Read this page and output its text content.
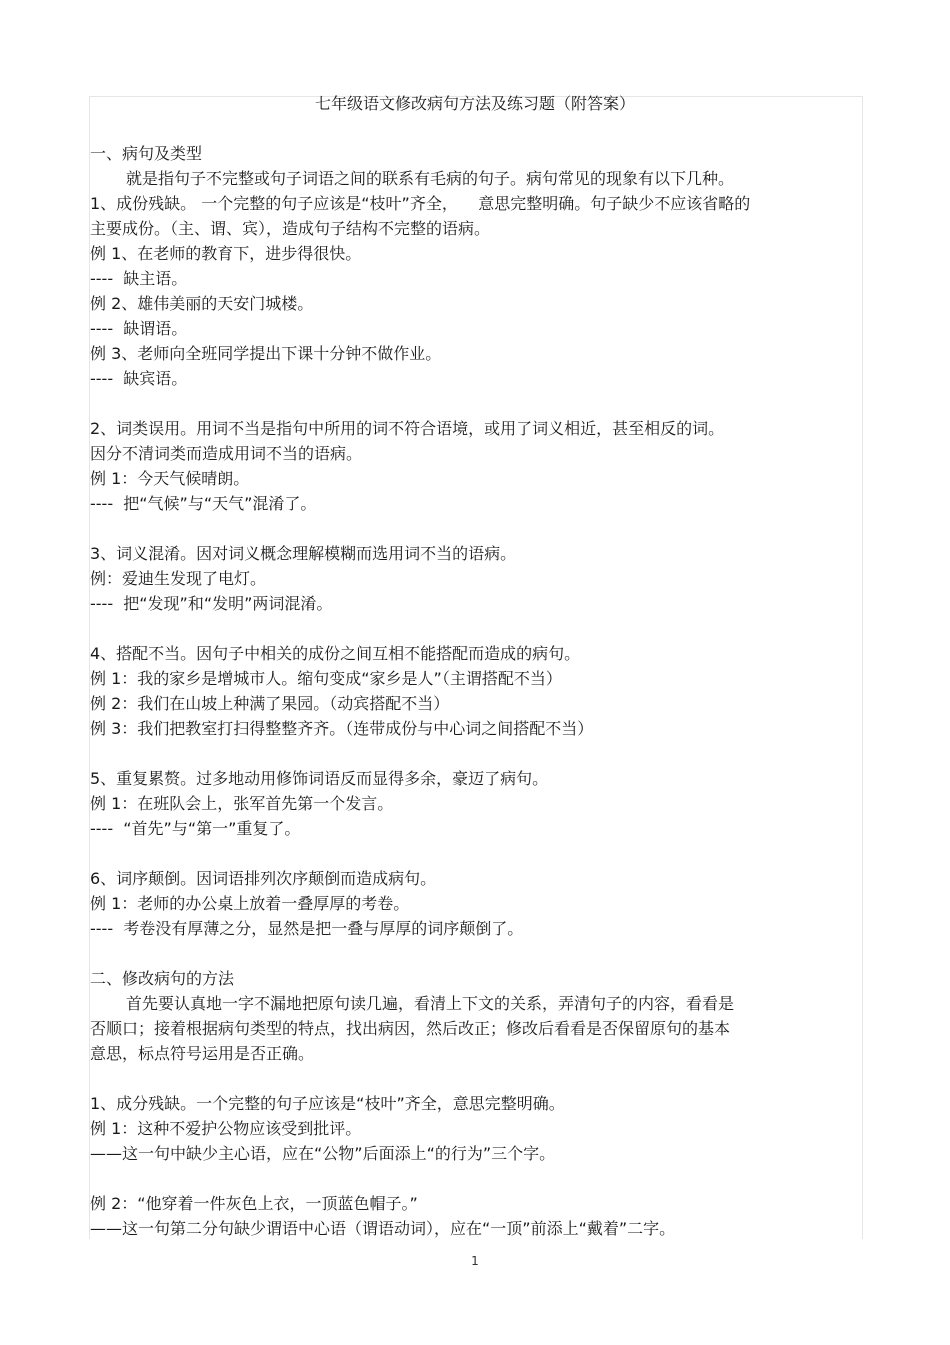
七年级语文修改病句方法及练习题（附答案）
一、病句及类型
就是指句子不完整或句子词语之间的联系有毛病的句子。病句常见的现象有以下几种。
1、成份残缺。 一个完整的句子应该是“枝叶”齐全，    意思完整明确。句子缺少不应该省略的
主要成份。（主、谓、宾），造成句子结构不完整的语病。
例 1、在老师的教育下，进步得很快。
----  缺主语。
例 2、雄伟美丽的天安门城楼。
----  缺谓语。
例 3、老师向全班同学提出下课十分钟不做作业。
----  缺宾语。
2、词类误用。用词不当是指句中所用的词不符合语境，或用了词义相近，甚至相反的词。
因分不清词类而造成用词不当的语病。
例 1：今天气候晴朗。
----  把“气候”与“天气”混淆了。
3、词义混淆。因对词义概念理解模糊而选用词不当的语病。
例：爱迪生发现了电灯。
----  把“发现”和“发明”两词混淆。
4、搭配不当。因句子中相关的成份之间互相不能搭配而造成的病句。
例 1：我的家乡是增城市人。缩句变成“家乡是人”（主谓搭配不当）
例 2：我们在山坡上种满了果园。（动宾搭配不当）
例 3：我们把教室打扫得整整齐齐。（连带成份与中心词之间搭配不当）
5、重复累赘。过多地动用修饰词语反而显得多余，豪迈了病句。
例 1：在班队会上，张军首先第一个发言。
----  “首先”与“第一”重复了。
6、词序颠倒。因词语排列次序颠倒而造成病句。
例 1：老师的办公桌上放着一叠厚厚的考卷。
----  考卷没有厚薄之分，显然是把一叠与厚厚的词序颠倒了。
二、修改病句的方法
首先要认真地一字不漏地把原句读几遍，看清上下文的关系，弄清句子的内容，看看是
否顺口；接着根据病句类型的特点，找出病因，然后改正；修改后看看是否保留原句的基本
意思，标点符号运用是否正确。
1、成分残缺。一个完整的句子应该是“枝叶”齐全，意思完整明确。
例 1：这种不爱护公物应该受到批评。
——这一句中缺少主心语，应在“公物”后面添上“的行为”三个字。
例 2：“他穿着一件灰色上衣，一顶蓝色帽子。”
——这一句第二分句缺少谓语中心语（谓语动词），应在“一顶”前添上“戴着”二字。
1
